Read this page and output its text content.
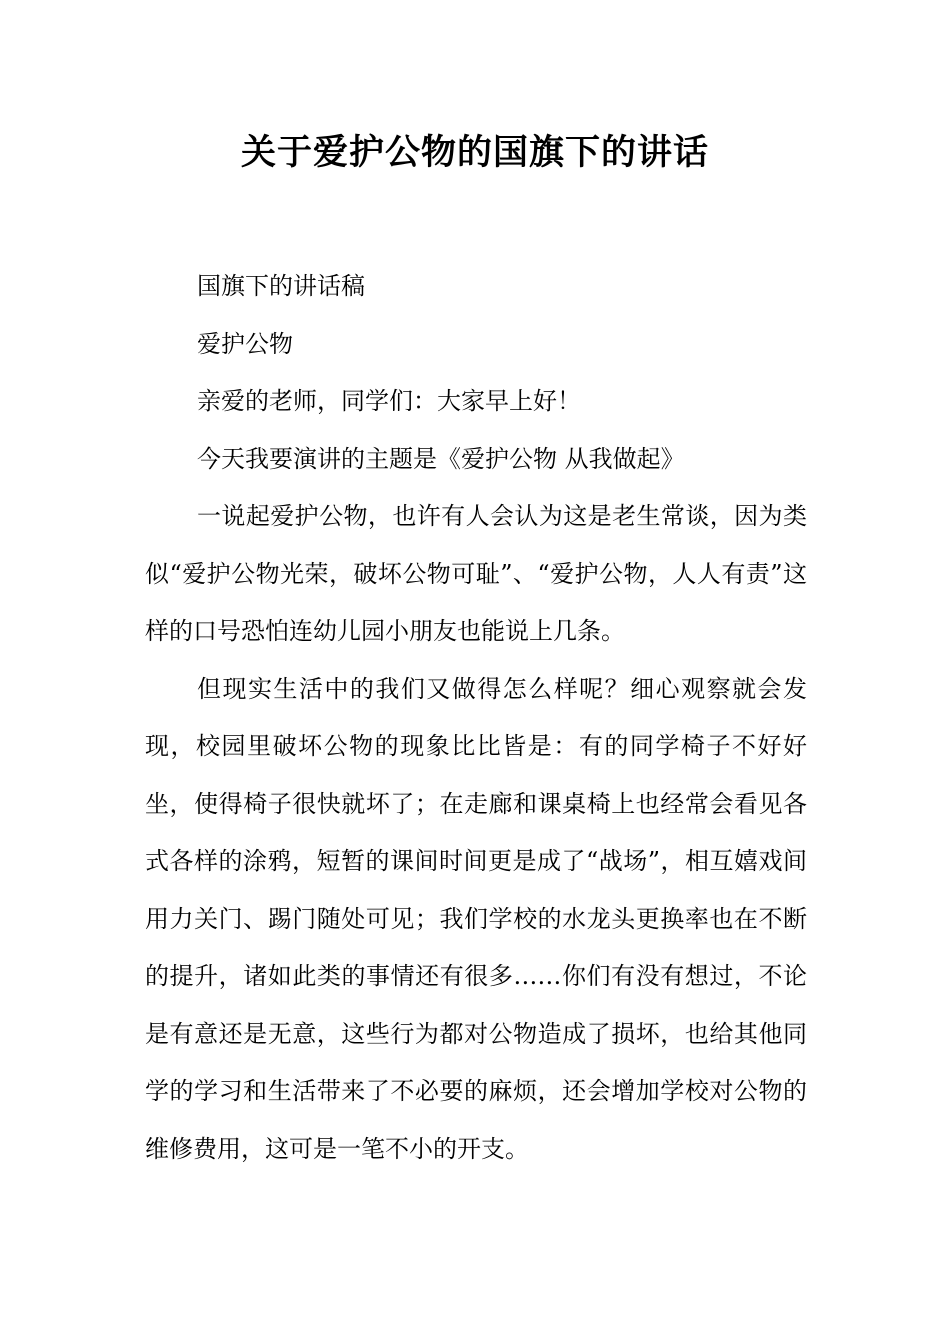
关于爱护公物的国旗下的讲话

国旗下的讲话稿

爱护公物

亲爱的老师，同学们：大家早上好！

今天我要演讲的主题是《爱护公物 从我做起》

一说起爱护公物，也许有人会认为这是老生常谈，因为类似“爱护公物光荣，破坏公物可耻”、“爱护公物，人人有责”这样的口号恐怕连幼儿园小朋友也能说上几条。

但现实生活中的我们又做得怎么样呢？细心观察就会发现，校园里破坏公物的现象比比皆是：有的同学椅子不好好坐，使得椅子很快就坏了；在走廊和课桌椅上也经常会看见各式各样的涂鸦，短暂的课间时间更是成了“战场”，相互嬉戏间用力关门、踢门随处可见；我们学校的水龙头更换率也在不断的提升，诸如此类的事情还有很多……你们有没有想过，不论是有意还是无意，这些行为都对公物造成了损坏，也给其他同学的学习和生活带来了不必要的麻烦，还会增加学校对公物的维修费用，这可是一笔不小的开支。
